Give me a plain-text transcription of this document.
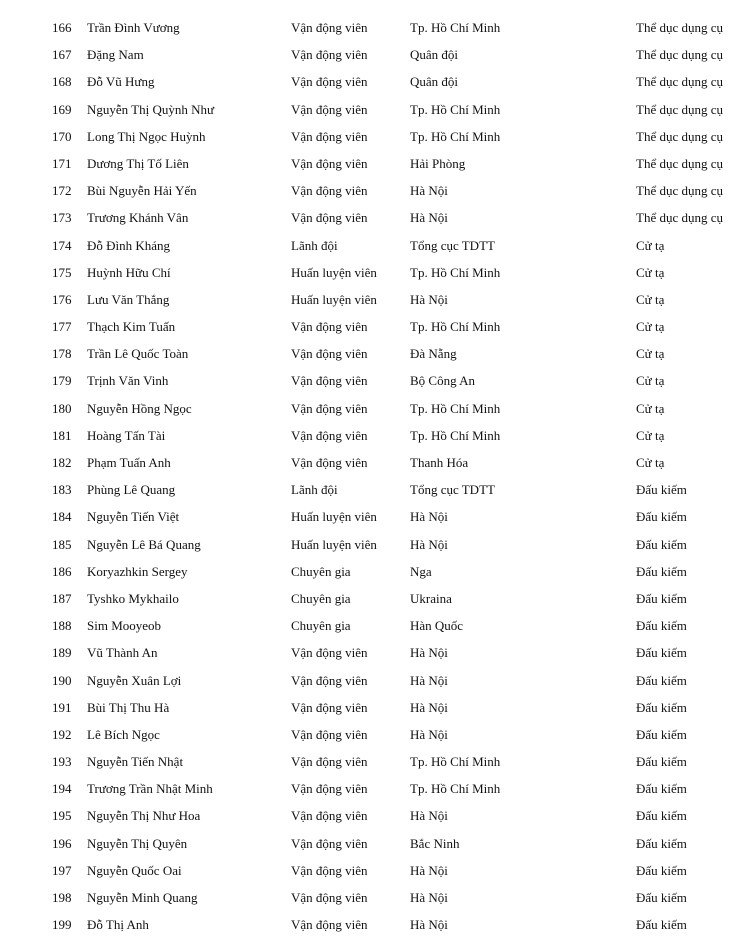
166 Trần Đình Vương	Vận động viên	Tp. Hồ Chí Minh	Thể dục dụng cụ
167 Đặng Nam	Vận động viên	Quân đội	Thể dục dụng cụ
168 Đỗ Vũ Hưng	Vận động viên	Quân đội	Thể dục dụng cụ
169 Nguyễn Thị Quỳnh Như	Vận động viên	Tp. Hồ Chí Minh	Thể dục dụng cụ
170 Long Thị Ngọc Huỳnh	Vận động viên	Tp. Hồ Chí Minh	Thể dục dụng cụ
171 Dương Thị Tố Liên	Vận động viên	Hải Phòng	Thể dục dụng cụ
172 Bùi Nguyễn Hải Yến	Vận động viên	Hà Nội	Thể dục dụng cụ
173 Trương Khánh Vân	Vận động viên	Hà Nội	Thể dục dụng cụ
174 Đỗ Đình Kháng	Lãnh đội	Tổng cục TDTT	Cử tạ
175 Huỳnh Hữu Chí	Huấn luyện viên	Tp. Hồ Chí Minh	Cử tạ
176 Lưu Văn Thắng	Huấn luyện viên	Hà Nội	Cử tạ
177 Thạch Kim Tuấn	Vận động viên	Tp. Hồ Chí Minh	Cử tạ
178 Trần Lê Quốc Toàn	Vận động viên	Đà Nẵng	Cử tạ
179 Trịnh Văn Vinh	Vận động viên	Bộ Công An	Cử tạ
180 Nguyễn Hồng Ngọc	Vận động viên	Tp. Hồ Chí Minh	Cử tạ
181 Hoàng Tấn Tài	Vận động viên	Tp. Hồ Chí Minh	Cử tạ
182 Phạm Tuấn Anh	Vận động viên	Thanh Hóa	Cử tạ
183 Phùng Lê Quang	Lãnh đội	Tổng cục TDTT	Đấu kiếm
184 Nguyễn Tiến Việt	Huấn luyện viên	Hà Nội	Đấu kiếm
185 Nguyễn Lê Bá Quang	Huấn luyện viên	Hà Nội	Đấu kiếm
186 Koryazhkin Sergey	Chuyên gia	Nga	Đấu kiếm
187 Tyshko Mykhailo	Chuyên gia	Ukraina	Đấu kiếm
188 Sim Mooyeob	Chuyên gia	Hàn Quốc	Đấu kiếm
189 Vũ Thành An	Vận động viên	Hà Nội	Đấu kiếm
190 Nguyễn Xuân Lợi	Vận động viên	Hà Nội	Đấu kiếm
191 Bùi Thị Thu Hà	Vận động viên	Hà Nội	Đấu kiếm
192 Lê Bích Ngọc	Vận động viên	Hà Nội	Đấu kiếm
193 Nguyễn Tiến Nhật	Vận động viên	Tp. Hồ Chí Minh	Đấu kiếm
194 Trương Trần Nhật Minh	Vận động viên	Tp. Hồ Chí Minh	Đấu kiếm
195 Nguyễn Thị Như Hoa	Vận động viên	Hà Nội	Đấu kiếm
196 Nguyễn Thị Quyên	Vận động viên	Bắc Ninh	Đấu kiếm
197 Nguyễn Quốc Oai	Vận động viên	Hà Nội	Đấu kiếm
198 Nguyễn Minh Quang	Vận động viên	Hà Nội	Đấu kiếm
199 Đỗ Thị Anh	Vận động viên	Hà Nội	Đấu kiếm
